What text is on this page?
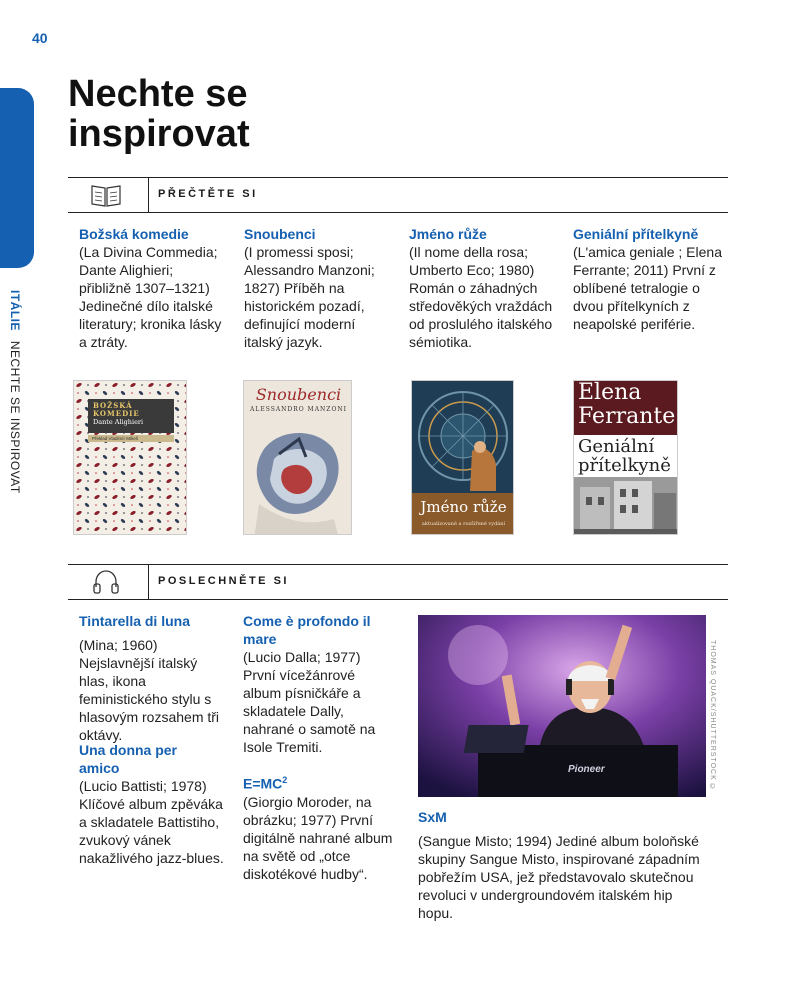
40
ITÁLIE NECHTE SE INSPIROVAT
Nechte se inspirovat
PŘEČTĚTE SI
Božská komedie
(La Divina Commedia; Dante Alighieri; přibližně 1307–1321) Jedinečné dílo italské literatury; kronika lásky a ztráty.
Snoubenci
(I promessi sposi; Alessandro Manzoni; 1827) Příběh na historickém pozadí, definující moderní italský jazyk.
Jméno růže
(Il nome della rosa; Umberto Eco; 1980) Román o záhadných středověkých vraždách od proslulého italského sémiotika.
Geniální přítelkyně
(L'amica geniale ; Elena Ferrante; 2011) První z oblíbené tetralogie o dvou přítelkyních z neapolské periférie.
BOŽSKÁ
KOMEDIE
Dante Alighieri
Překlad Vladimír Mikeš
Snoubenci
ALESSANDRO MANZONI
Jméno růže
aktualizované a rozšířené vydání
Elena
Ferrante
Geniální
přítelkyně
POSLECHNĚTE SI
Tintarella di luna
(Mina; 1960) Nejslavnější italský hlas, ikona feministického stylu s hlasovým rozsahem tři oktávy.
Una donna per amico
(Lucio Battisti; 1978) Klíčové album zpěváka a skladatele Battistiho, zvukový vánek nakažlivého jazz-blues.
Come è profondo il mare
(Lucio Dalla; 1977) První vícežánrové album písničkáře a skladatele Dally, nahrané o samotě na Isole Tremiti.
$E=MC^2$
(Giorgio Moroder, na obrázku; 1977) První digitálně nahrané album na světě od „otce diskotékové hudby“.
Pioneer	THOMAS QUACK/SHUTTERSTOCK ©
SxM
(Sangue Misto; 1994) Jediné album boloňské skupiny Sangue Misto, inspirované západním pobřežím USA, jež představovalo skutečnou revoluci v undergroundovém italském hip hopu.
